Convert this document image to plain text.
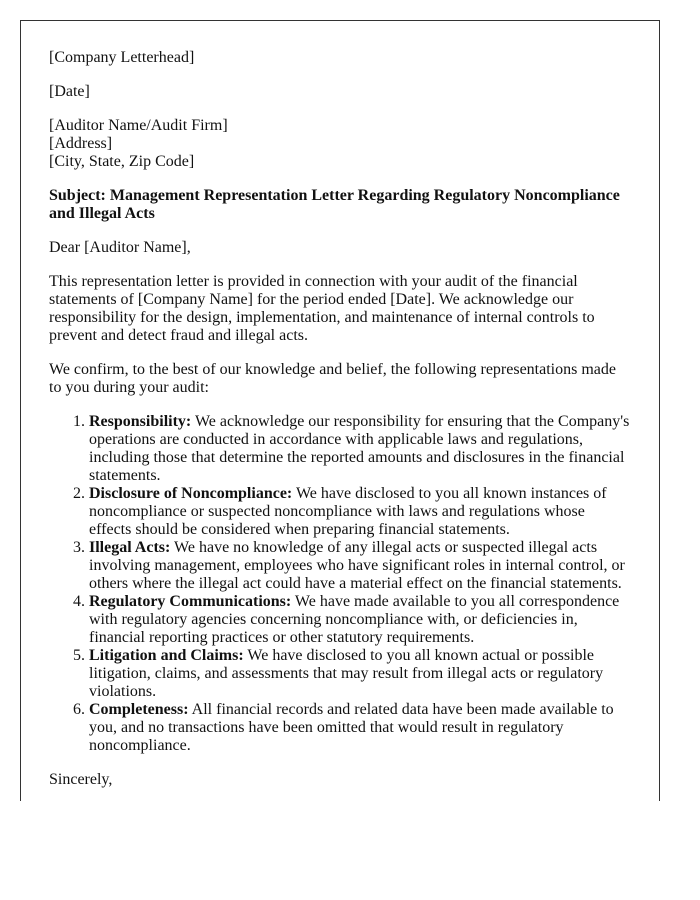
[Company Letterhead]

[Date]

[Auditor Name/Audit Firm]
[Address]
[City, State, Zip Code]

Subject: Management Representation Letter Regarding Regulatory Noncompliance and Illegal Acts

Dear [Auditor Name],

This representation letter is provided in connection with your audit of the financial statements of [Company Name] for the period ended [Date]. We acknowledge our responsibility for the design, implementation, and maintenance of internal controls to prevent and detect fraud and illegal acts.

We confirm, to the best of our knowledge and belief, the following representations made to you during your audit:

1. Responsibility: We acknowledge our responsibility for ensuring that the Company's operations are conducted in accordance with applicable laws and regulations, including those that determine the reported amounts and disclosures in the financial statements.
2. Disclosure of Noncompliance: We have disclosed to you all known instances of noncompliance or suspected noncompliance with laws and regulations whose effects should be considered when preparing financial statements.
3. Illegal Acts: We have no knowledge of any illegal acts or suspected illegal acts involving management, employees who have significant roles in internal control, or others where the illegal act could have a material effect on the financial statements.
4. Regulatory Communications: We have made available to you all correspondence with regulatory agencies concerning noncompliance with, or deficiencies in, financial reporting practices or other statutory requirements.
5. Litigation and Claims: We have disclosed to you all known actual or possible litigation, claims, and assessments that may result from illegal acts or regulatory violations.
6. Completeness: All financial records and related data have been made available to you, and no transactions have been omitted that would result in regulatory noncompliance.

Sincerely,
